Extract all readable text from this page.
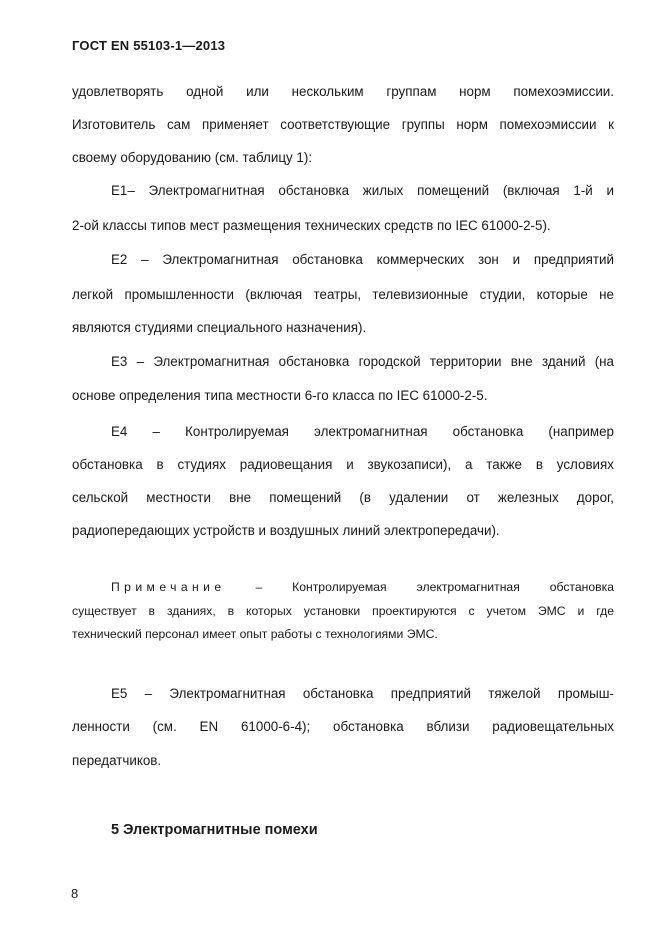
ГОСТ EN 55103-1—2013
удовлетворять одной или нескольким группам норм помехоэмиссии.
Изготовитель сам применяет соответствующие группы норм помехоэмиссии к
своему оборудованию (см. таблицу 1):
E1– Электромагнитная обстановка жилых помещений (включая 1-й и
2-ой классы типов мест размещения технических средств по IEC 61000-2-5).
E2 – Электромагнитная обстановка коммерческих зон и предприятий
легкой промышленности (включая театры, телевизионные студии, которые не
являются студиями специального назначения).
E3 – Электромагнитная обстановка городской территории вне зданий (на
основе определения типа местности 6-го класса по IEC 61000-2-5.
E4 – Контролируемая электромагнитная обстановка (например
обстановка в студиях радиовещания и звукозаписи), а также в условиях
сельской местности вне помещений (в удалении от железных дорог,
радиопередающих устройств и воздушных линий электропередачи).
Примечание – Контролируемая электромагнитная обстановка
существует в зданиях, в которых установки проектируются с учетом ЭМС и где
технический персонал имеет опыт работы с технологиями ЭМС.
E5 – Электромагнитная обстановка предприятий тяжелой промыш-
ленности (см. EN 61000-6-4); обстановка вблизи радиовещательных
передатчиков.
5 Электромагнитные помехи
8
